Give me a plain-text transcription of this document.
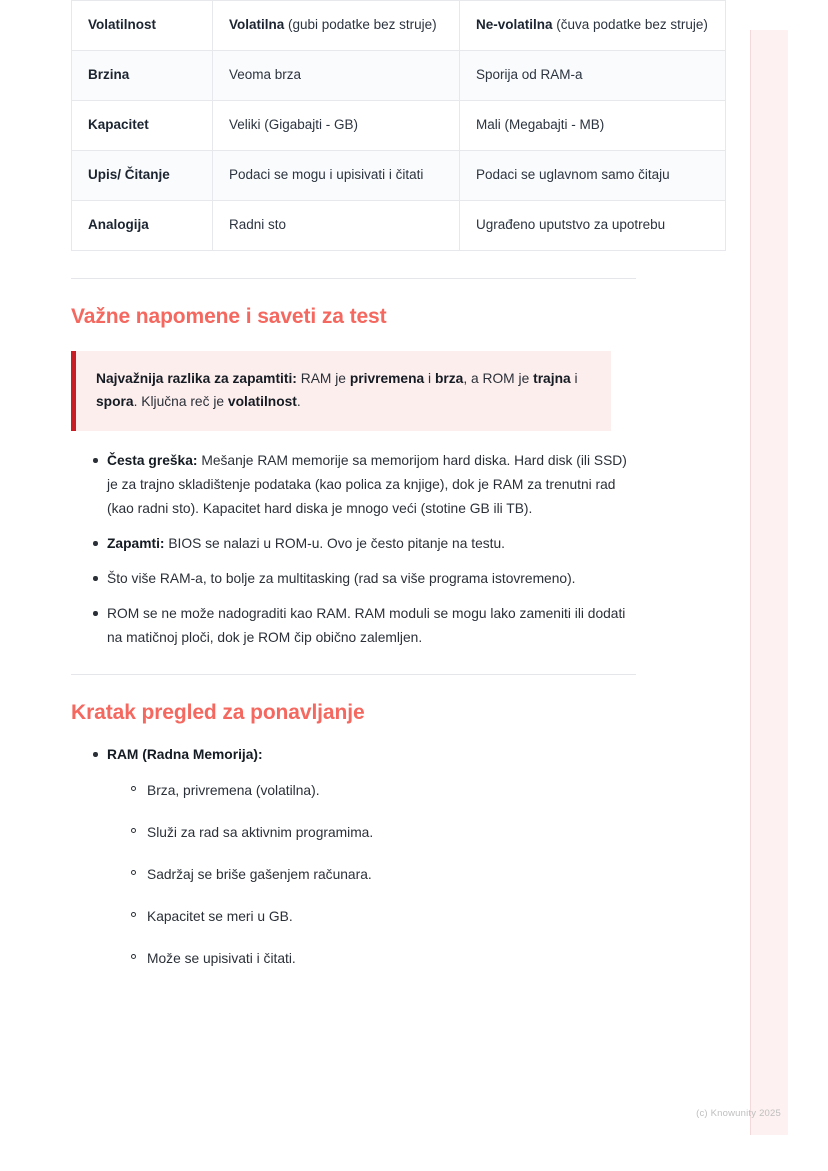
Volatilnost	Volatilna (gubi podatke bez struje)	Ne-volatilna (čuva podatke bez struje)
Brzina	Veoma brza	Sporija od RAM-a
Kapacitet	Veliki (Gigabajti - GB)	Mali (Megabajti - MB)
Upis/ Čitanje	Podaci se mogu i upisivati i čitati	Podaci se uglavnom samo čitaju
Analogija	Radni sto	Ugrađeno uputstvo za upotrebu
Važne napomene i saveti za test
Najvažnija razlika za zapamtiti: RAM je privremena i brza, a ROM je trajna i spora. Ključna reč je volatilnost.
Česta greška: Mešanje RAM memorije sa memorijom hard diska. Hard disk (ili SSD) je za trajno skladištenje podataka (kao polica za knjige), dok je RAM za trenutni rad (kao radni sto). Kapacitet hard diska je mnogo veći (stotine GB ili TB).
Zapamti: BIOS se nalazi u ROM-u. Ovo je često pitanje na testu.
Što više RAM-a, to bolje za multitasking (rad sa više programa istovremeno).
ROM se ne može nadograditi kao RAM. RAM moduli se mogu lako zameniti ili dodati na matičnoj ploči, dok je ROM čip obično zalemljen.
Kratak pregled za ponavljanje
RAM (Radna Memorija):
Brza, privremena (volatilna).
Služi za rad sa aktivnim programima.
Sadržaj se briše gašenjem računara.
Kapacitet se meri u GB.
Može se upisivati i čitati.
(c) Knowunity 2025
